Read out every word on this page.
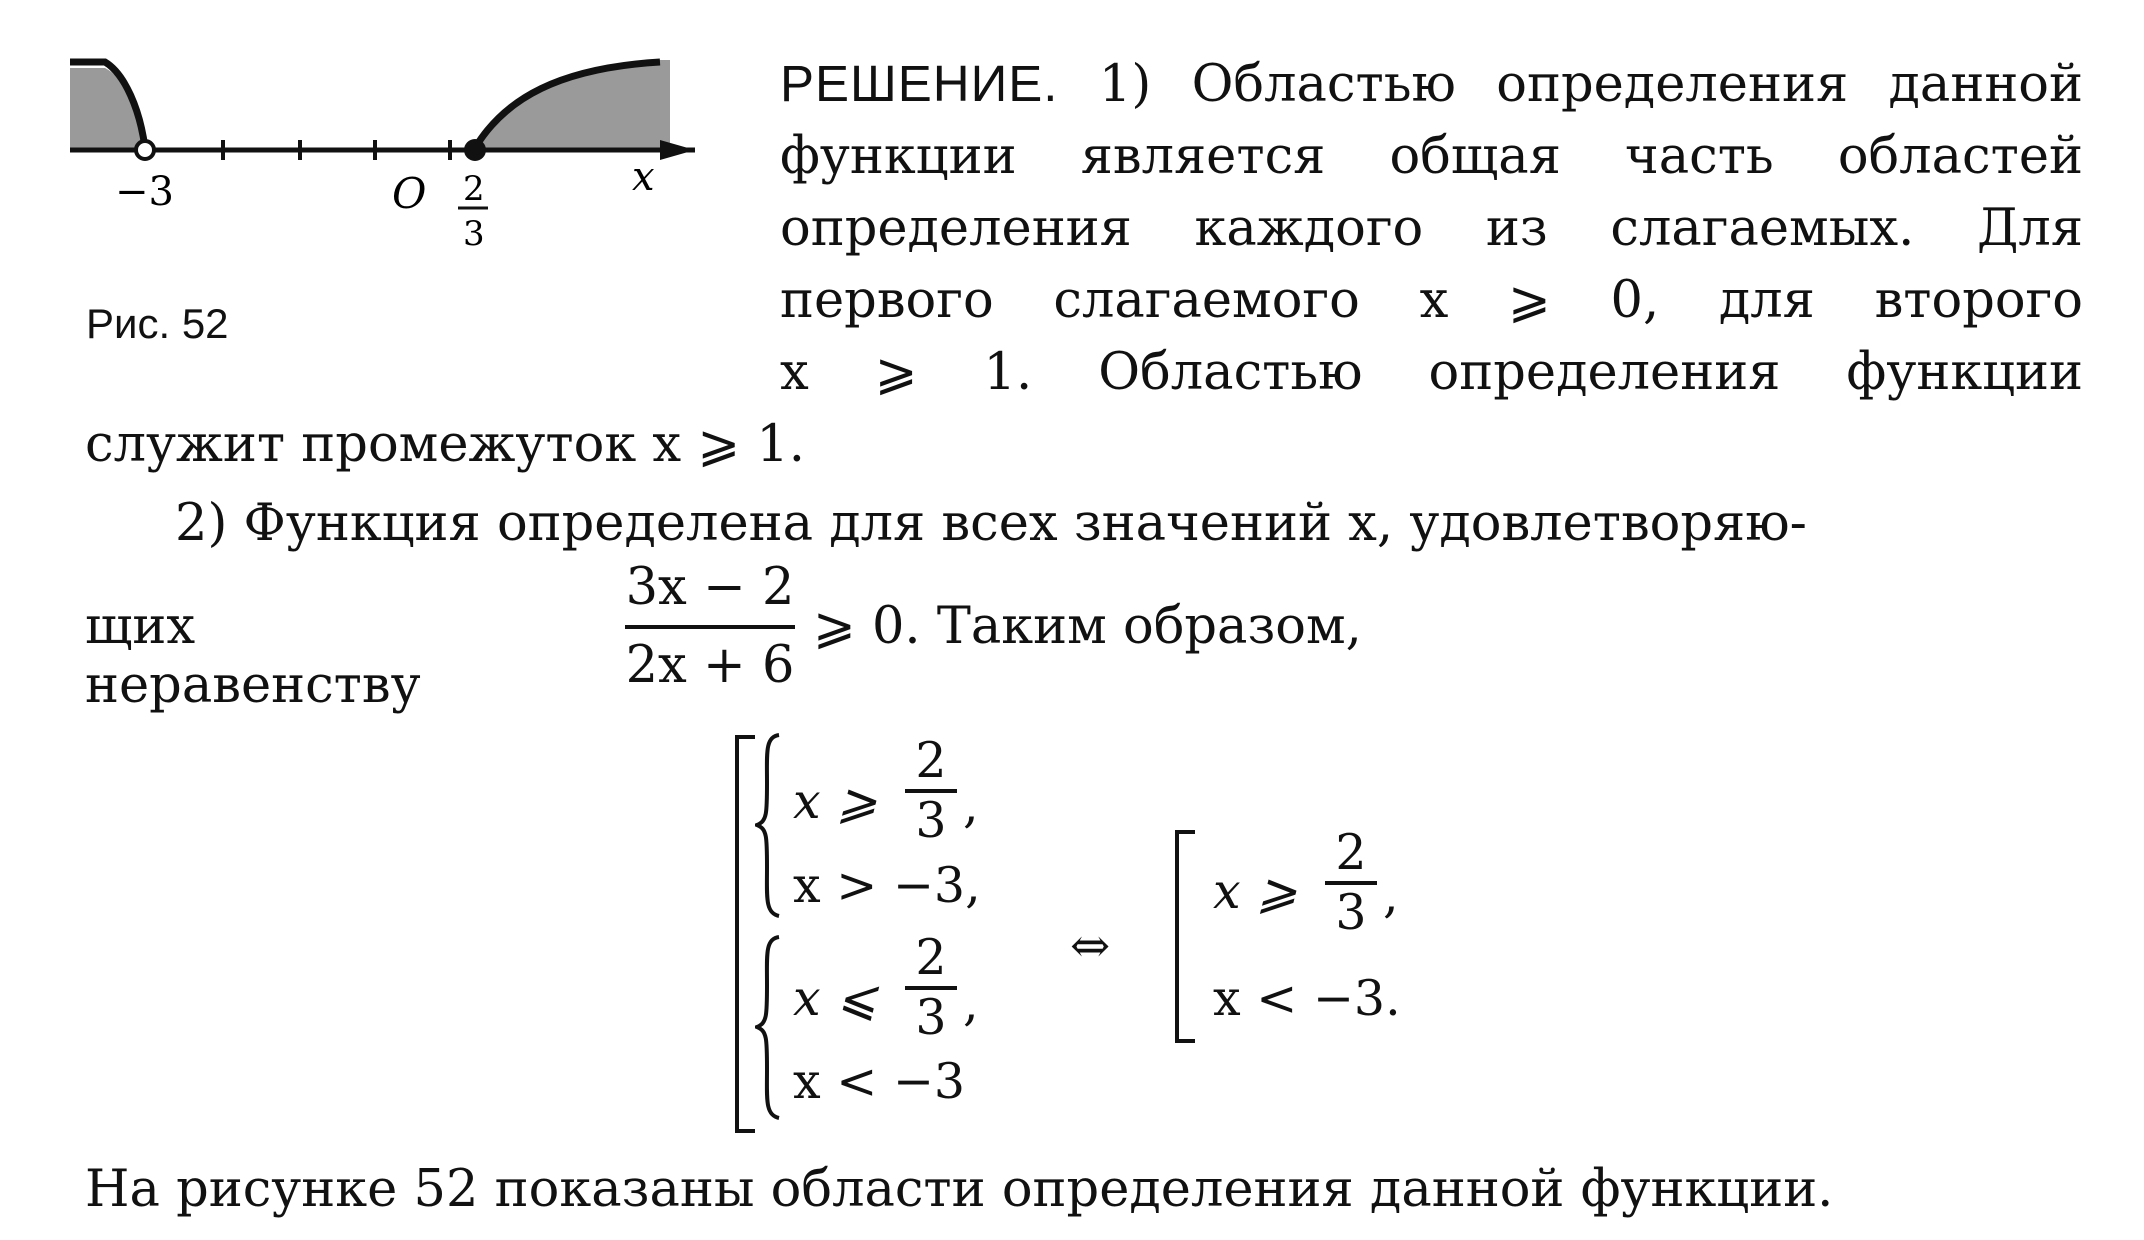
−3	O 2
3
x
Рис. 52
РЕШЕНИЕ. 1) Областью определения данной
функции является общая часть областей
определения каждого из слагаемых. Для
первого слагаемого x ⩾ 0, для второго
x ⩾ 1. Областью определения функции
служит промежуток x ⩾ 1.
2) Функция определена для всех значений x, удовлетворяю-
щих неравенству
3x − 2
2x + 6
⩾ 0. Таким образом,
x ⩾
2
3 ,
x > −3,
x ⩽
2
3 ,
x < −3
x ⩾
2
3 ,
x < −3.
⇔
На рисунке 52 показаны области определения данной функции.
